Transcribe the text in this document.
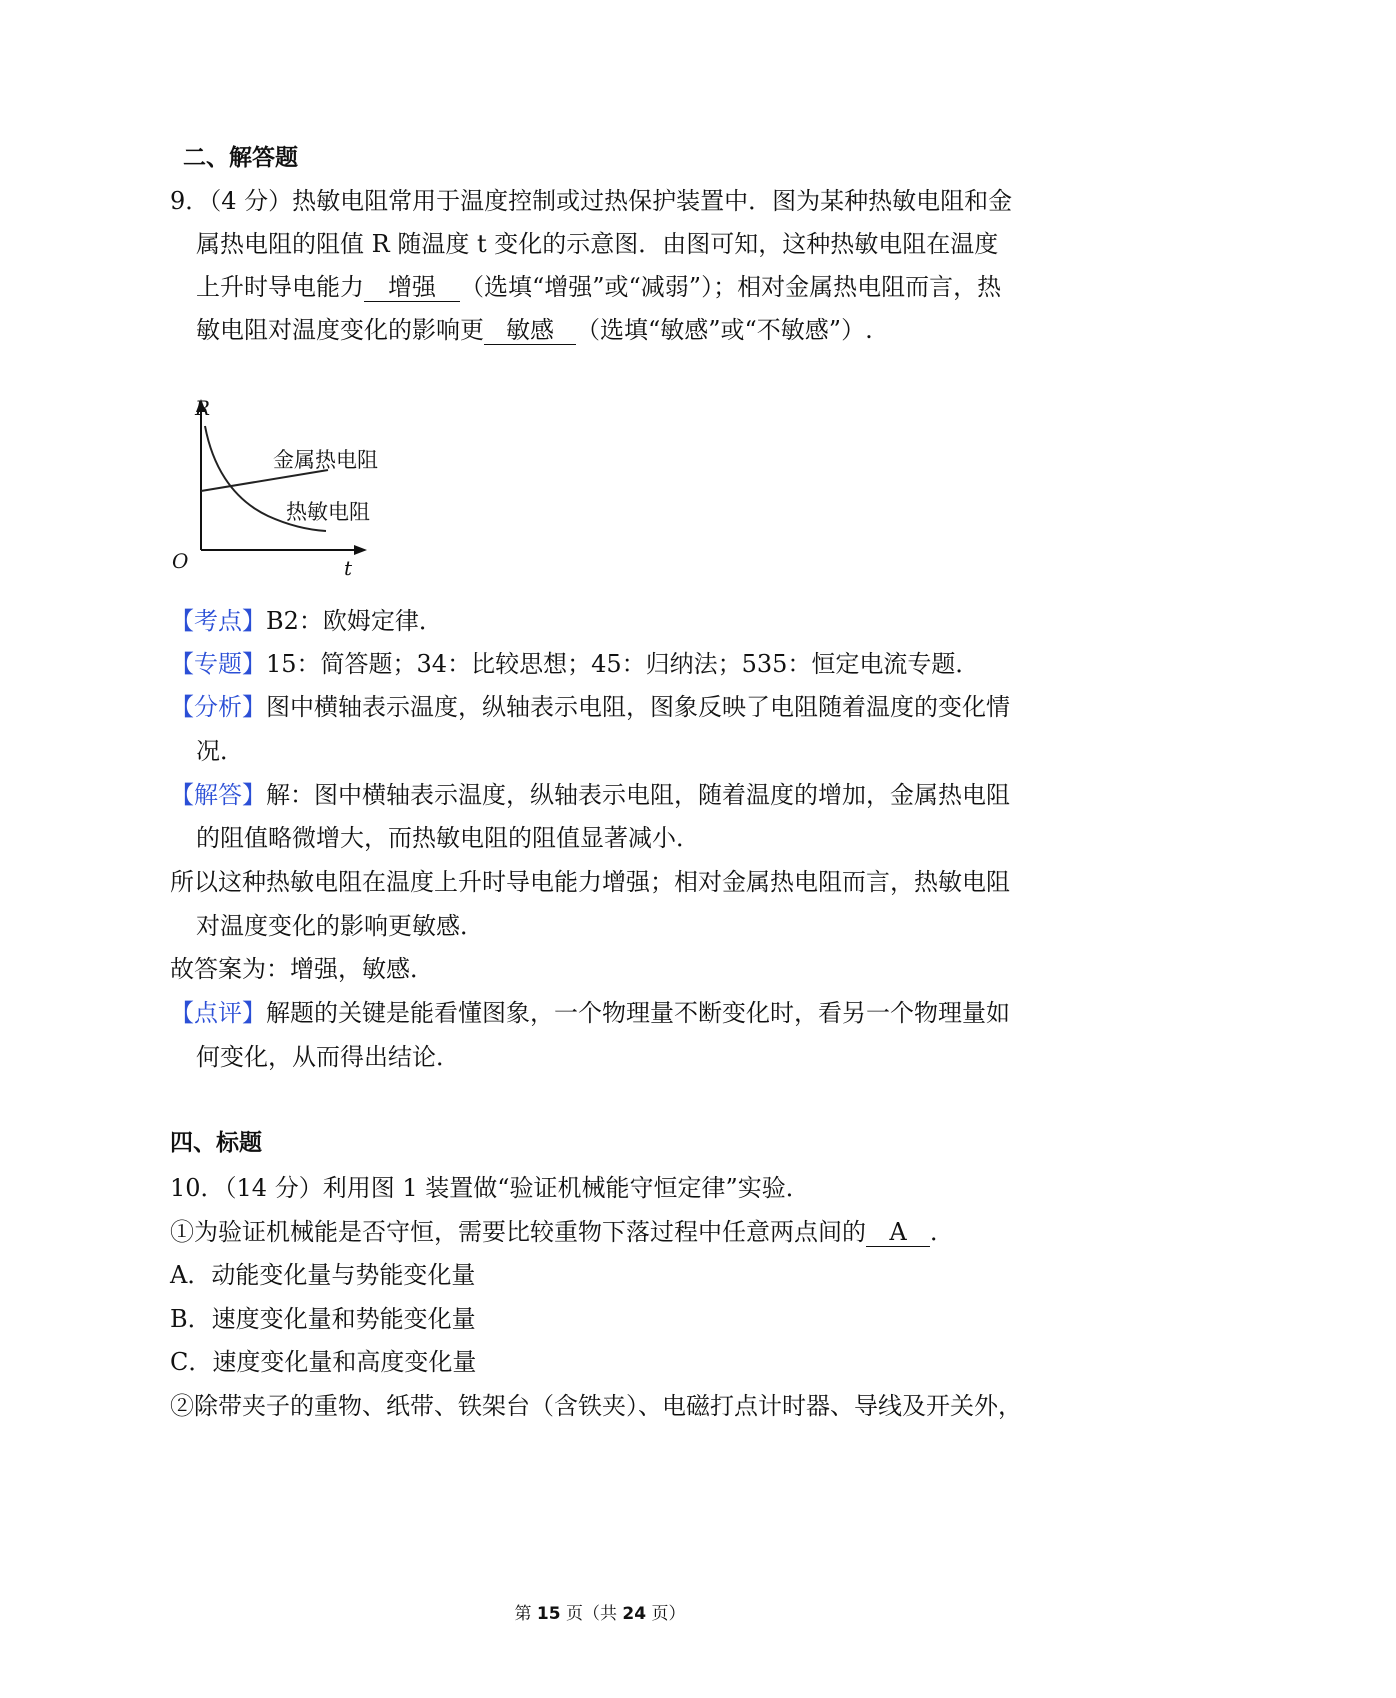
二、解答题
9．（4 分）热敏电阻常用于温度控制或过热保护装置中．图为某种热敏电阻和金
属热电阻的阻值 R 随温度 t 变化的示意图．由图可知，这种热敏电阻在温度
上升时导电能力 增强 （选填“增强”或“减弱”）；相对金属热电阻而言，热
敏电阻对温度变化的影响更 敏感 （选填“敏感”或“不敏感”）.
R
t
O
金属热电阻
热敏电阻
【考点】B2：欧姆定律．
【专题】15：简答题；34：比较思想；45：归纳法；535：恒定电流专题．
【分析】图中横轴表示温度，纵轴表示电阻，图象反映了电阻随着温度的变化情
况．
【解答】解：图中横轴表示温度，纵轴表示电阻，随着温度的增加，金属热电阻
的阻值略微增大，而热敏电阻的阻值显著减小．
所以这种热敏电阻在温度上升时导电能力增强；相对金属热电阻而言，热敏电阻
对温度变化的影响更敏感．
故答案为：增强，敏感．
【点评】解题的关键是能看懂图象，一个物理量不断变化时，看另一个物理量如
何变化，从而得出结论．
四、标题
10．（14 分）利用图 1 装置做“验证机械能守恒定律”实验．
①为验证机械能是否守恒，需要比较重物下落过程中任意两点间的 A ．
A．动能变化量与势能变化量
B．速度变化量和势能变化量
C．速度变化量和高度变化量
②除带夹子的重物、纸带、铁架台（含铁夹）、电磁打点计时器、导线及开关外，
第 15 页（共 24 页）
